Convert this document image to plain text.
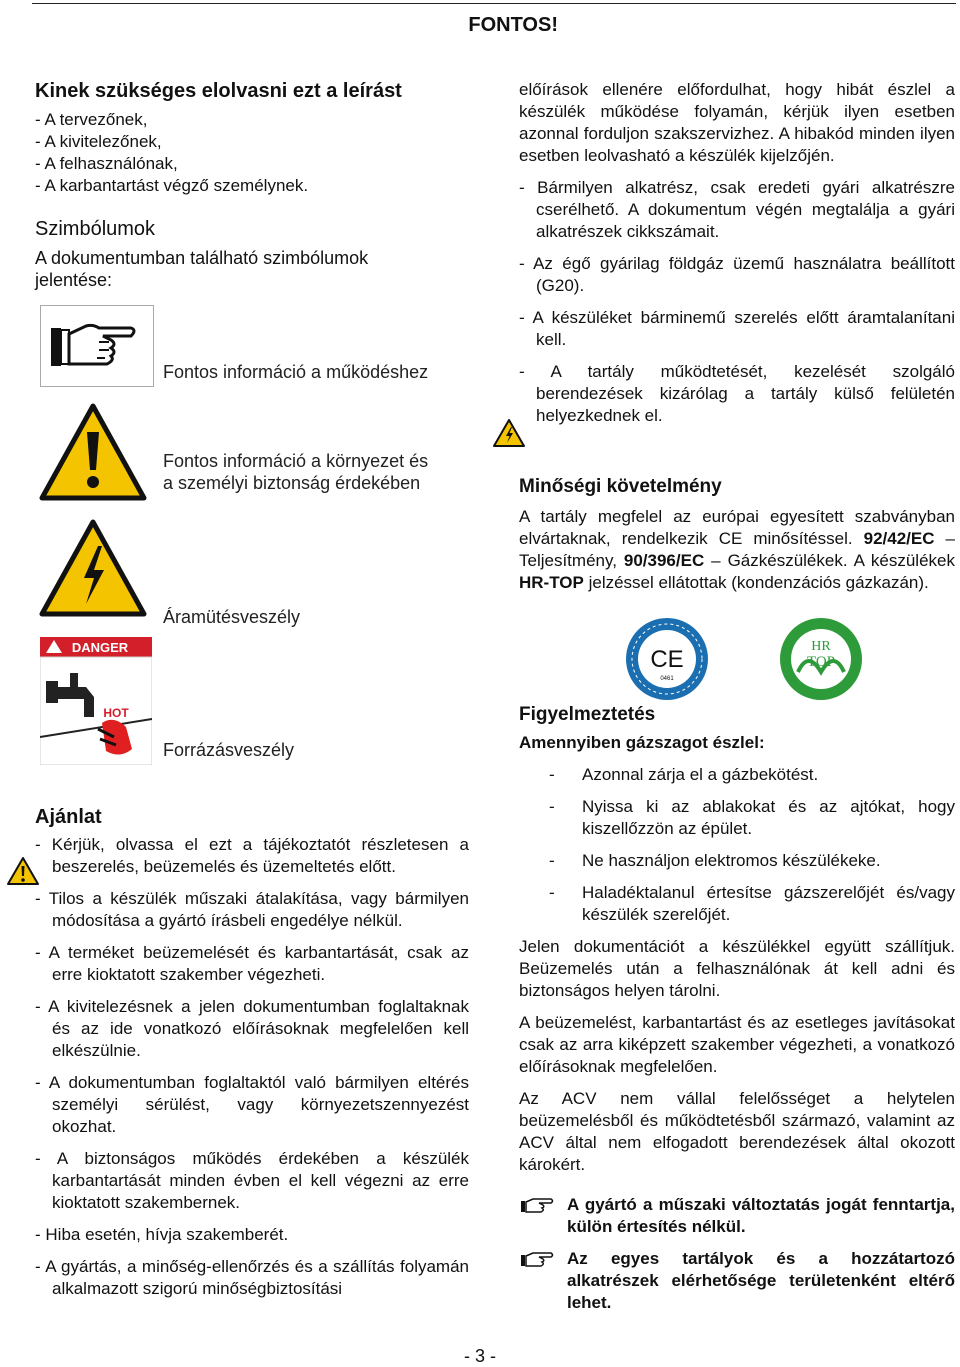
FONTOS!
Kinek szükséges elolvasni ezt a leírást
- A tervezőnek,
- A kivitelezőnek,
- A felhasználónak,
- A karbantartást végző személynek.
Szimbólumok
A dokumentumban található szimbólumok
jelentése:
Fontos információ a működéshez
Fontos információ a környezet és
a személyi biztonság érdekében
Áramütésveszély
DANGER
HOT
Forrázásveszély
Ajánlat
- Kérjük, olvassa el ezt a tájékoztatót részletesen a beszerelés, beüzemelés és üzemeltetés előtt.
- Tilos a készülék műszaki átalakítása, vagy bármilyen módosítása a gyártó írásbeli engedélye nélkül.
- A terméket beüzemelését és karbantartását, csak az erre kioktatott szakember végezheti.
- A kivitelezésnek a jelen dokumentumban foglaltaknak és az ide vonatkozó előírásoknak megfelelően kell elkészülnie.
- A dokumentumban foglaltaktól való bármilyen eltérés személyi sérülést, vagy környezetszennyezést okozhat.
- A biztonságos működés érdekében a készülék karbantartását minden évben el kell végezni az erre kioktatott szakembernek.
- Hiba esetén, hívja szakemberét.
- A gyártás, a minőség-ellenőrzés és a szállítás folyamán alkalmazott szigorú minőségbiztosítási
előírások ellenére előfordulhat, hogy hibát észlel a készülék működése folyamán, kérjük ilyen esetben azonnal forduljon szakszervizhez. A hibakód minden ilyen esetben leolvasható a készülék kijelzőjén.
- Bármilyen alkatrész, csak eredeti gyári alkatrészre cserélhető. A dokumentum végén megtalálja a gyári alkatrészek cikkszámait.
- Az égő gyárilag földgáz üzemű használatra beállított (G20).
- A készüléket bárminemű szerelés előtt áramtalanítani kell.
- A tartály működtetését, kezelését szolgáló berendezések kizárólag a tartály külső felületén helyezkednek el.
Minőségi követelmény
A tartály megfelel az európai egyesített szabványban elvártaknak, rendelkezik CE minősítéssel. 92/42/EC – Teljesítmény, 90/396/EC – Gázkészülékek. A készülékek HR-TOP jelzéssel ellátottak (kondenzációs gázkazán).
CE
0461
HR
TOP
Figyelmeztetés
Amennyiben gázszagot észlel:
- Azonnal zárja el a gázbekötést.
- Nyissa ki az ablakokat és az ajtókat, hogy kiszellőzzön az épület.
- Ne használjon elektromos készülékeke.
- Haladéktalanul értesítse gázszerelőjét és/vagy készülék szerelőjét.
Jelen dokumentációt a készülékkel együtt szállítjuk. Beüzemelés után a felhasználónak át kell adni és biztonságos helyen tárolni.
A beüzemelést, karbantartást és az esetleges javításokat csak az arra kiképzett szakember végezheti, a vonatkozó előírásoknak megfelelően.
Az ACV nem vállal felelősséget a helytelen beüzemelésből és működtetésből származó, valamint az ACV által nem elfogadott berendezések által okozott károkért.
A gyártó a műszaki változtatás jogát fenntartja, külön értesítés nélkül.
Az egyes tartályok és a hozzátartozó alkatrészek elérhetősége területenként eltérő lehet.
- 3 -
